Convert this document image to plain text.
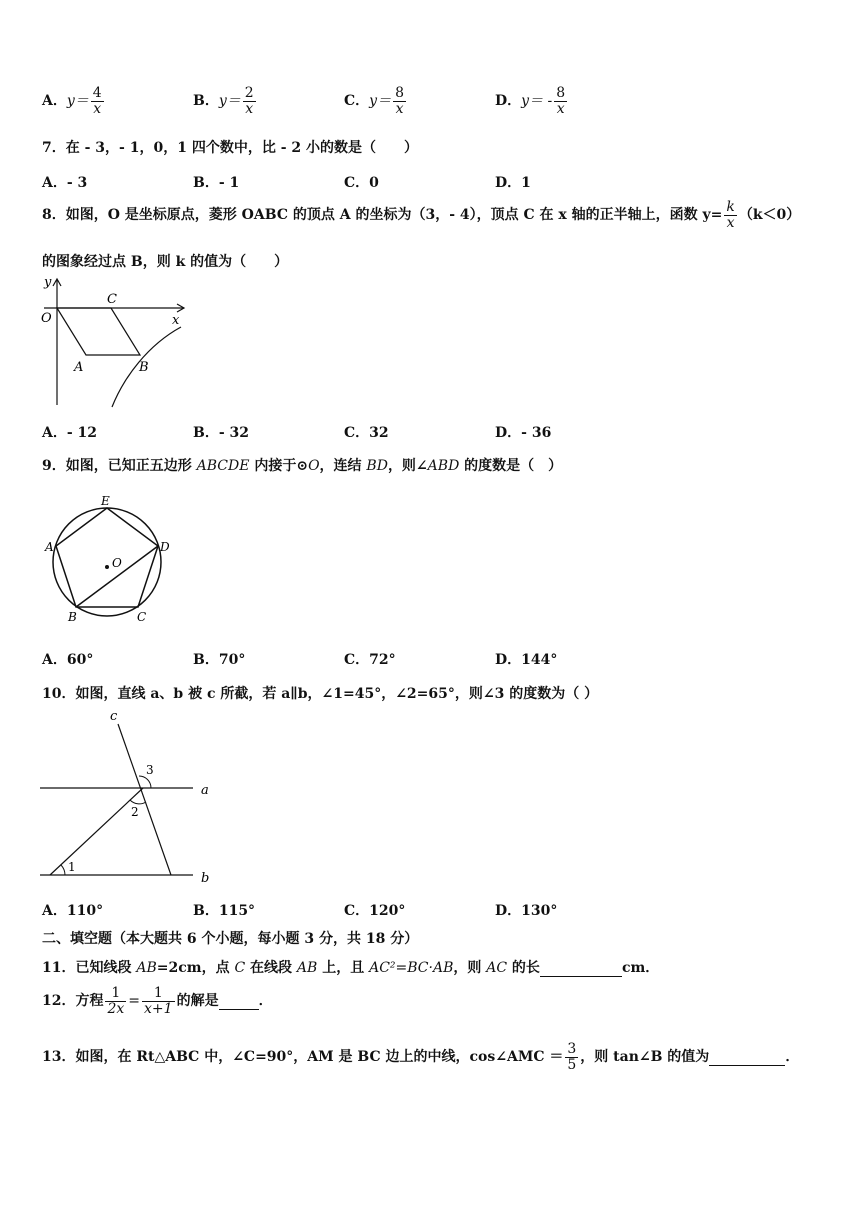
A．$y= \frac{4}{x}$	B．$y= \frac{2}{x}$	C．$y= \frac{8}{x}$	D．$y= - \frac{8}{x}$
7．在 - 3，- 1，0，1 四个数中，比 - 2 小的数是（　　）
A．- 3	B．- 1	C．0	D．1
8．如图，O 是坐标原点，菱形 OABC 的顶点 A 的坐标为（3，- 4），顶点 C 在 x 轴的正半轴上，函数 $y= \frac{k}{x} (k<0)$
的图象经过点 B，则 k 的值为（　　）
y
O
C
x
A	B
A．- 12	B．- 32	C．32	D．- 36
9．如图，已知正五边形 ABCDE 内接于⊙O，连结 BD，则∠ABD 的度数是（　）
E
A	D
O
B	C
A．60°	B．70°	C．72°	D．144°
10．如图，直线 a、b 被 c 所截，若 a∥b，∠1=45°，∠2=65°，则∠3 的度数为（ ）
c
3
a
2
1
b
A．110°	B．115°	C．120°	D．130°
二、填空题（本大题共 6 个小题，每小题 3 分，共 18 分）
11．已知线段 AB=2cm，点 C 在线段 AB 上，且 AC²=BC·AB，则 AC 的长	cm．
12．方程 $\frac{1}{2x} = \frac{1}{x+1}$ 的解是	．
13．如图，在 Rt△ABC 中，∠C=90°，AM 是 BC 边上的中线，cos∠AMC ＝ $\frac{3}{5}$ ，则 tan∠B 的值为	．
